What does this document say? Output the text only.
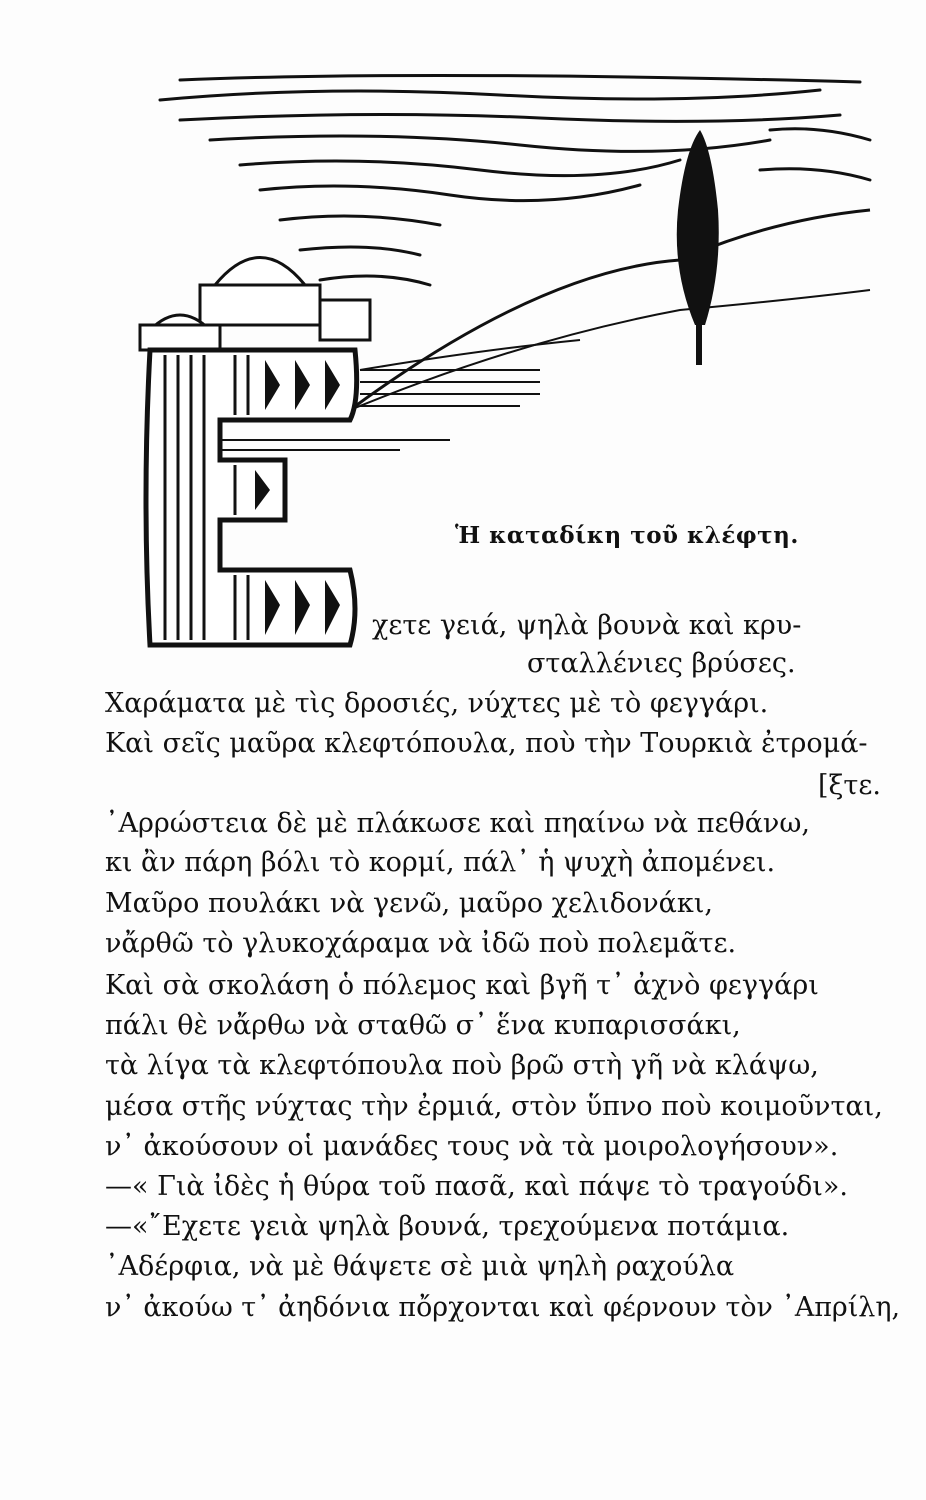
Ἡ καταδίκη τοῦ κλέφτη.
χετε γειά, ψηλὰ βουνὰ καὶ κρυ-
σταλλένιες βρύσες.
Χαράματα μὲ τὶς δροσιές, νύχτες μὲ τὸ φεγγάρι.
Καὶ σεῖς μαῦρα κλεφτόπουλα, ποὺ τὴν Τουρκιὰ ἐτρομά-
[ξτε.
᾽Αρρώστεια δὲ μὲ πλάκωσε καὶ πηαίνω νὰ πεθάνω,
κι ἂν πάρη βόλι τὸ κορμί, πάλ᾽ ἡ ψυχὴ ἀπομένει.
Μαῦρο πουλάκι νὰ γενῶ, μαῦρο χελιδονάκι,
νἄρθῶ τὸ γλυκοχάραμα νὰ ἰδῶ ποὺ πολεμᾶτε.
Καὶ σὰ σκολάση ὁ πόλεμος καὶ βγῆ τ᾽ ἀχνὸ φεγγάρι
πάλι θὲ νἄρθω νὰ σταθῶ σ᾽ ἕνα κυπαρισσάκι,
τὰ λίγα τὰ κλεφτόπουλα ποὺ βρῶ στὴ γῆ νὰ κλάψω,
μέσα στῆς νύχτας τὴν ἐρμιά, στὸν ὕπνο ποὺ κοιμοῦνται,
ν᾽ ἀκούσουν οἱ μανάδες τους νὰ τὰ μοιρολογήσουν».
—« Γιὰ ἰδὲς ἡ θύρα τοῦ πασᾶ, καὶ πάψε τὸ τραγούδι».
—«῎Εχετε γειὰ ψηλὰ βουνά, τρεχούμενα ποτάμια.
᾽Αδέρφια, νὰ μὲ θάψετε σὲ μιὰ ψηλὴ ραχούλα
ν᾽ ἀκούω τ᾽ ἀηδόνια πὄρχονται καὶ φέρνουν τὸν ᾽Απρίλη,
